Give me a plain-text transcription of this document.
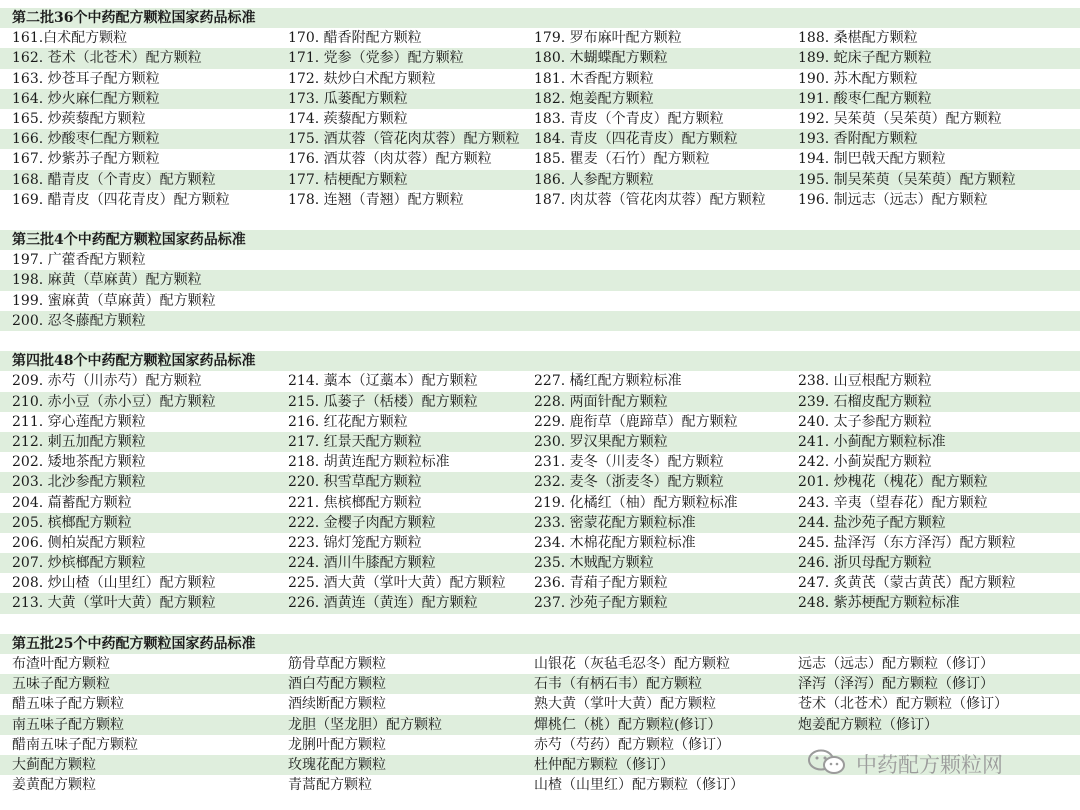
第二批36个中药配方颗粒国家药品标准
161.白术配方颗粒	170. 醋香附配方颗粒	179. 罗布麻叶配方颗粒	188. 桑椹配方颗粒
162. 苍术（北苍术）配方颗粒	171. 党参（党参）配方颗粒	180. 木蝴蝶配方颗粒	189. 蛇床子配方颗粒
163. 炒苍耳子配方颗粒	172. 麸炒白术配方颗粒	181. 木香配方颗粒	190. 苏木配方颗粒
164. 炒火麻仁配方颗粒	173. 瓜蒌配方颗粒	182. 炮姜配方颗粒	191. 酸枣仁配方颗粒
165. 炒蒺藜配方颗粒	174. 蒺藜配方颗粒	183. 青皮（个青皮）配方颗粒	192. 吴茱萸（吴茱萸）配方颗粒
166. 炒酸枣仁配方颗粒	175. 酒苁蓉（管花肉苁蓉）配方颗粒	184. 青皮（四花青皮）配方颗粒	193. 香附配方颗粒
167. 炒紫苏子配方颗粒	176. 酒苁蓉（肉苁蓉）配方颗粒	185. 瞿麦（石竹）配方颗粒	194. 制巴戟天配方颗粒
168. 醋青皮（个青皮）配方颗粒	177. 桔梗配方颗粒	186. 人参配方颗粒	195. 制吴茱萸（吴茱萸）配方颗粒
169. 醋青皮（四花青皮）配方颗粒	178. 连翘（青翘）配方颗粒	187. 肉苁蓉（管花肉苁蓉）配方颗粒	196. 制远志（远志）配方颗粒
第三批4个中药配方颗粒国家药品标准
197. 广藿香配方颗粒
198. 麻黄（草麻黄）配方颗粒
199. 蜜麻黄（草麻黄）配方颗粒
200. 忍冬藤配方颗粒
第四批48个中药配方颗粒国家药品标准
209. 赤芍（川赤芍）配方颗粒	214. 藁本（辽藁本）配方颗粒	227. 橘红配方颗粒标准	238. 山豆根配方颗粒
210. 赤小豆（赤小豆）配方颗粒	215. 瓜蒌子（栝楼）配方颗粒	228. 两面针配方颗粒	239. 石榴皮配方颗粒
211. 穿心莲配方颗粒	216. 红花配方颗粒	229. 鹿衔草（鹿蹄草）配方颗粒	240. 太子参配方颗粒
212. 刺五加配方颗粒	217. 红景天配方颗粒	230. 罗汉果配方颗粒	241. 小蓟配方颗粒标准
202. 矮地茶配方颗粒	218. 胡黄连配方颗粒标准	231. 麦冬（川麦冬）配方颗粒	242. 小蓟炭配方颗粒
203. 北沙参配方颗粒	220. 积雪草配方颗粒	232. 麦冬（浙麦冬）配方颗粒	201. 炒槐花（槐花）配方颗粒
204. 萹蓄配方颗粒	221. 焦槟榔配方颗粒	219. 化橘红（柚）配方颗粒标准	243. 辛夷（望春花）配方颗粒
205. 槟榔配方颗粒	222. 金樱子肉配方颗粒	233. 密蒙花配方颗粒标准	244. 盐沙苑子配方颗粒
206. 侧柏炭配方颗粒	223. 锦灯笼配方颗粒	234. 木棉花配方颗粒标准	245. 盐泽泻（东方泽泻）配方颗粒
207. 炒槟榔配方颗粒	224. 酒川牛膝配方颗粒	235. 木贼配方颗粒	246. 浙贝母配方颗粒
208. 炒山楂（山里红）配方颗粒	225. 酒大黄（掌叶大黄）配方颗粒	236. 青葙子配方颗粒	247. 炙黄芪（蒙古黄芪）配方颗粒
213. 大黄（掌叶大黄）配方颗粒	226. 酒黄连（黄连）配方颗粒	237. 沙苑子配方颗粒	248. 紫苏梗配方颗粒标准
第五批25个中药配方颗粒国家药品标准
布渣叶配方颗粒	筋骨草配方颗粒	山银花（灰毡毛忍冬）配方颗粒	远志（远志）配方颗粒（修订）
五味子配方颗粒	酒白芍配方颗粒	石韦（有柄石韦）配方颗粒	泽泻（泽泻）配方颗粒（修订）
醋五味子配方颗粒	酒续断配方颗粒	熟大黄（掌叶大黄）配方颗粒	苍术（北苍术）配方颗粒（修订）
南五味子配方颗粒	龙胆（坚龙胆）配方颗粒	燀桃仁（桃）配方颗粒(修订）	炮姜配方颗粒（修订）
醋南五味子配方颗粒	龙脷叶配方颗粒	赤芍（芍药）配方颗粒（修订）
大蓟配方颗粒	玫瑰花配方颗粒	杜仲配方颗粒（修订）
姜黄配方颗粒	青蒿配方颗粒	山楂（山里红）配方颗粒（修订）
中药配方颗粒网
